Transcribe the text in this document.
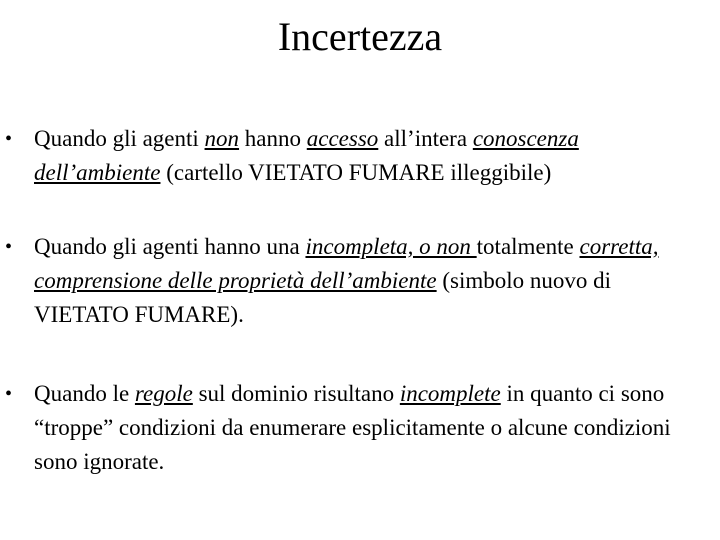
Incertezza
• Quando gli agenti non hanno accesso all’intera conoscenza dell’ambiente (cartello VIETATO FUMARE illeggibile)
• Quando gli agenti hanno una incompleta, o non totalmente corretta, comprensione delle proprietà dell’ambiente (simbolo nuovo di VIETATO FUMARE).
• Quando le regole sul dominio risultano incomplete in quanto ci sono “troppe” condizioni da enumerare esplicitamente o alcune condizioni sono ignorate.
